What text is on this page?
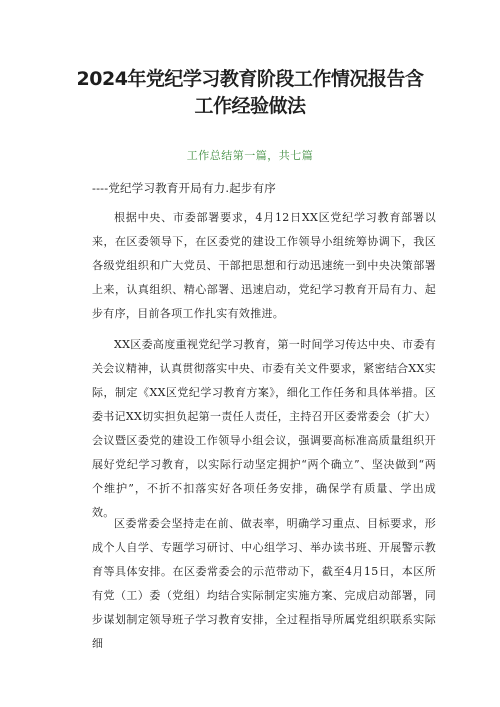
2024年党纪学习教育阶段工作情况报告含
工作经验做法
工作总结第一篇，共七篇
----党纪学习教育开局有力.起步有序

根据中央、市委部署要求，4月12日XX区党纪学习教育部署以来，在区委领导下，在区委党的建设工作领导小组统筹协调下，我区各级党组织和广大党员、干部把思想和行动迅速统一到中央决策部署上来，认真组织、精心部署、迅速启动，党纪学习教育开局有力、起步有序，目前各项工作扎实有效推进。

XX区委高度重视党纪学习教育，第一时间学习传达中央、市委有关会议精神，认真贯彻落实中央、市委有关文件要求，紧密结合XX实际，制定《XX区党纪学习教育方案》，细化工作任务和具体举措。区委书记XX切实担负起第一责任人责任，主持召开区委常委会（扩大）会议暨区委党的建设工作领导小组会议，强调要高标准高质量组织开展好党纪学习教育，以实际行动坚定拥护“两个确立”、坚决做到“两个维护”，不折不扣落实好各项任务安排，确保学有质量、学出成效。

区委常委会坚持走在前、做表率，明确学习重点、目标要求，形成个人自学、专题学习研讨、中心组学习、举办读书班、开展警示教育等具体安排。在区委常委会的示范带动下，截至4月15日，本区所有党（工）委（党组）均结合实际制定实施方案、完成启动部署，同步谋划制定领导班子学习教育安排，全过程指导所属党组织联系实际细
